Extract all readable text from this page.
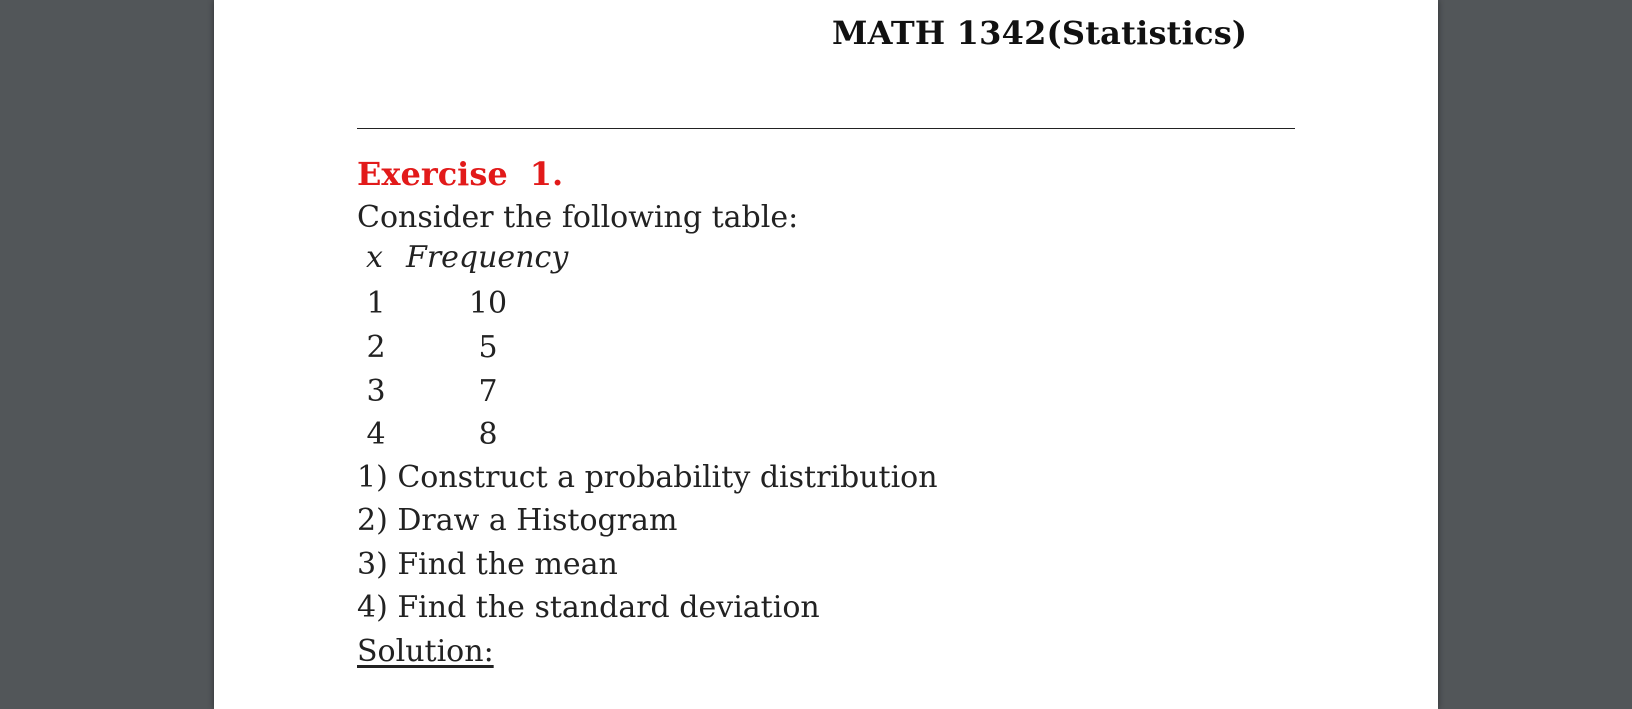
MATH 1342(Statistics)
Exercise 1.
Consider the following table:
x Frequency
1	10
2	5
3	7
4	8
1) Construct a probability distribution
2) Draw a Histogram
3) Find the mean
4) Find the standard deviation
Solution:
